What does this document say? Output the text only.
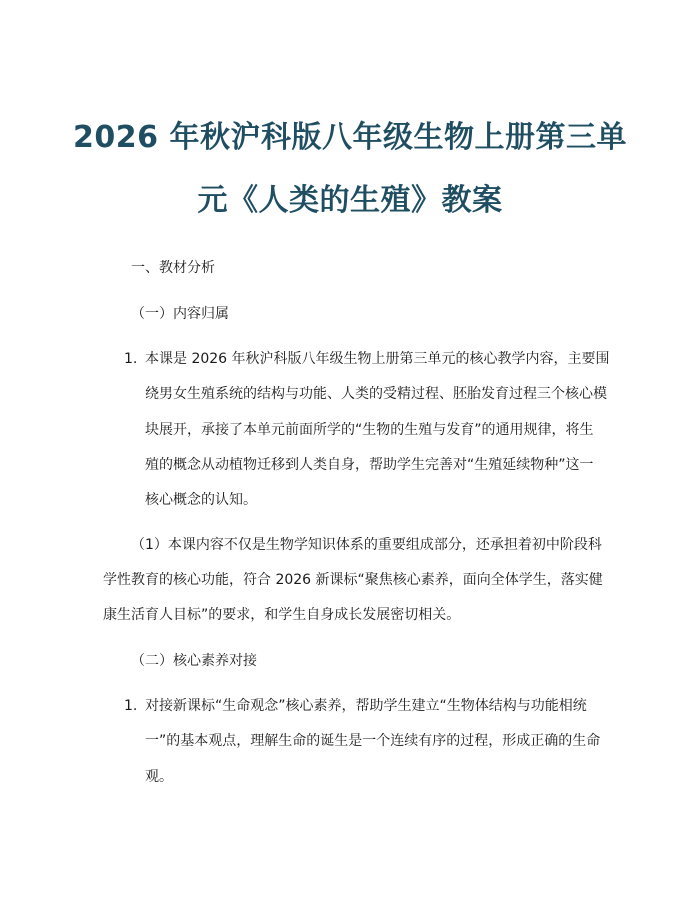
2026 年秋沪科版八年级生物上册第三单
元《人类的生殖》教案
一、教材分析
（一）内容归属
1. 本课是 2026 年秋沪科版八年级生物上册第三单元的核心教学内容，主要围
绕男女生殖系统的结构与功能、人类的受精过程、胚胎发育过程三个核心模
块展开，承接了本单元前面所学的“生物的生殖与发育”的通用规律，将生
殖的概念从动植物迁移到人类自身，帮助学生完善对“生殖延续物种”这一
核心概念的认知。
（1）本课内容不仅是生物学知识体系的重要组成部分，还承担着初中阶段科
学性教育的核心功能，符合 2026 新课标“聚焦核心素养，面向全体学生，落实健
康生活育人目标”的要求，和学生自身成长发展密切相关。
（二）核心素养对接
1. 对接新课标“生命观念”核心素养，帮助学生建立“生物体结构与功能相统
一”的基本观点，理解生命的诞生是一个连续有序的过程，形成正确的生命
观。
